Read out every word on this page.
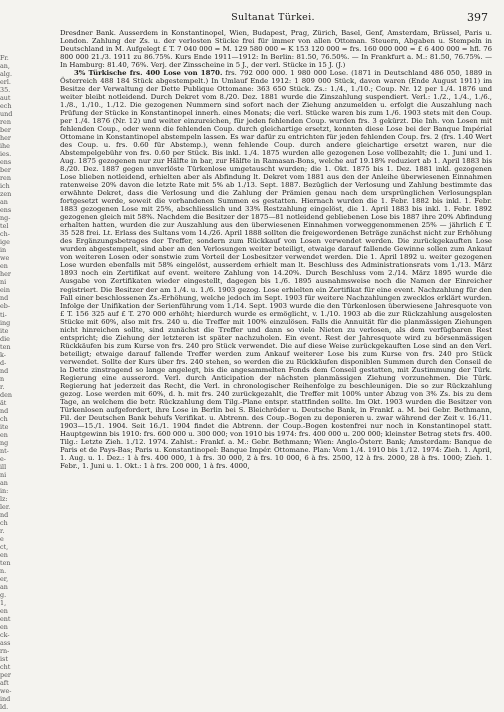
Fr.
an,
alg.
erl.
35.
aut
ech
und
ren
ber
her
ihe
ies.
ens
ber
ren
ich
zen
an
ens
ng-
tel
ch-
ige
in
we
en
her
ni
ein
nd
eb-
ti-
ing
ite
die
ten
k-
d-
nd
n
r.
den
ät
nd
ch
ite
en
ng
nt-
e-
ill
ni
an
in:
lz:
ler.
nd
ch
r.
e
ct,
en
ten
n.
er,
an
g.
1,
en
ent
en
ck-
ass
rn-
ist
cht
per
aft
we-
ind
ld.
Sultanat Türkei.	397

Dresdner Bank. Ausserdem in Konstantinopel, Wien, Budapest, Prag, Zürich, Basel, Genf, Amsterdam, Brüssel, Paris u. London. Zahlung der Zs. u. der verlosten Stücke frei für immer von allen Ottoman. Steuern, Abgaben u. Stempeln in Deutschland in M. Aufgelegt £ T. 7 040 000 = M. 129 580 000 = K 153 120 000 = frs. 160 000 000 = £ 6 400 000 = hfl. 76 800 000 21./3. 1911 zu 86.75%. Kurs Ende 1911—1912: In Berlin: 81.50, 76.50%. — In Frankfurt a. M.: 81.50, 76.75%. — In Hamburg: 81.40, 76%. Verj. der Zinsscheine in 5 J., der verl. Stücke in 15 J. (J.)

3% Türkische frs. 400 Lose von 1870. frs. 792 000 000. 1 980 000 Lose. (1871 in Deutschland 486 050, 1889 in Österreich 488 184 Stück abgestempelt.) In Umlauf Ende 1912: 1 809 000 Stück, davon waren (Ende August 1911) im Besitze der Verwaltung der Dette Publique Ottomane: 363 650 Stück. Zs.: 1./4., 1./10.; Coup. Nr. 12 per 1./4. 1876 und weiter bleibt notleidend. Durch Dekret vom 8./20. Dez. 1881 wurde die Zinszahlung suspendiert. Verl.: 1./2., 1./4., 1./6., 1./8., 1./10., 1./12. Die gezogenen Nummern sind sofort nach der Ziehung anzumelden u. erfolgt die Auszahlung nach Prüfung der Stücke in Konstantinopel innerh. eines Monats; die verl. Stücke waren bis zum 1./6. 1903 stets mit den Coup. per 1./4. 1876 (Nr. 12) und weiter einzureichen, für jeden fehlenden Coup. wurden frs. 3 gekürzt. Die Inh. von Losen mit fehlenden Coup., oder wenn die fehlenden Coup. durch gleichartige ersetzt, konnten diese Lose bei der Banque Impérial Ottomane in Konstantinopel abstempeln lassen. Es war dafür zu entrichten für jeden fehlenden Coup. frs. 2 (frs. 1.40 Wert des Coup. u. frs. 0.60 für Abstemp.), wenn fehlende Coup. durch andere gleichartige ersetzt waren, nur die Abstempelgebühr von frs. 0.60 per Stück. Bis inkl. 1./4. 1875 wurden alle gezogenen Lose vollbezahlt; die 1. Juni und 1. Aug. 1875 gezogenen nur zur Hälfte in bar, zur Hälfte in Ramasan-Bons, welche auf 19.18% reduziert ab 1. April 1883 bis 8./20. Dez. 1887 gegen unverlöste Türkenlose umgetauscht wurden; die 1. Okt. 1875 bis 1. Dez. 1881 inkl. gezogenen Lose blieben notleidend, erhielten aber als Abfindung lt. Dekret vom 1881 aus den der Anleihe überwiesenen Einnahmen ratenweise 20% davon die letzte Rate mit 5% ab 1./13. Sept. 1887. Bezüglich der Verlosung und Zahlung bestimmte das erwähnte Dekret, dass die Verlosung und die Zahlung der Prämien genau nach dem ursprünglichen Verlosungsplan fortgesetzt werde, soweit die vorhandenen Summen es gestatten. Hiernach wurden die 1. Febr. 1882 bis inkl. 1. Febr. 1883 gezogenen Lose mit 25%, abschliesslich und 33% Restzahlung eingelöst, die 1. April 1883 bis inkl. 1. Febr. 1892 gezogenen gleich mit 58%. Nachdem die Besitzer der 1875—81 notleidend gebliebenen Lose bis 1887 ihre 20% Abfindung erhalten hatten, wurden die zur Auszahlung aus den überwiesenen Einnahmen vorweggenommenen 25% — jährlich £ T. 35 528 frei. Lt. Erlass des Sultans vom 14./26. April 1888 sollten die freigewordenen Beträge zunächst nicht zur Erhöhung des Ergänzungsbetrages der Treffer, sondern zum Rückkauf von Losen verwendet werden. Die zurückgekauften Lose wurden abgestempelt, sind aber an den Verlosungen weiter beteiligt, etwaige darauf fallende Gewinne sollen zum Ankauf von weiteren Losen oder sonstwie zum Vorteil der Losbesitzer verwendet werden. Die 1. April 1892 u. weiter gezogenen Lose wurden ebenfalls mit 58% eingelöst, ausserdem erhielt man lt. Beschluss des Administrationsrats vom 1./13. März 1893 noch ein Zertifikat auf event. weitere Zahlung von 14.20%. Durch Beschluss vom 2./14. März 1895 wurde die Ausgabe von Zertifikaten wieder eingestellt, dagegen bis 1./6. 1895 ausnahmsweise noch die Namen der Einreicher registriert. Die Besitzer der am 1./4. u. 1./6. 1903 gezog. Lose erhielten ein Zertifikat für eine event. Nachzahlung für den Fall einer beschlossenen Zs.-Erhöhung, welche jedoch im Sept. 1903 für weitere Nachzahlungen zwecklos erklärt wurden. Infolge der Unifikation der Serienführung vom 1./14. Sept. 1903 wurde die den Türkenlosen überwiesene Jahresquote von £ T. 156 325 auf £ T. 270 000 erhöht; hierdurch wurde es ermöglicht, v. 1./10. 1903 ab die zur Rückzahlung ausgelosten Stücke mit 60%, also mit frs. 240 u. die Treffer mit 100% einzulösen. Falls die Annuität für die planmässigen Ziehungen nicht hinreichen sollte, sind zunächst die Treffer und dann so viele Nieten zu verlosen, als dem verfügbaren Rest entspricht; die Ziehung der letzteren ist später nachzuholen. Ein event. Rest der Jahresquote wird zu börsenmässigen Rückkäufen bis zum Kurse von frs. 240 pro Stück verwendet. Die auf diese Weise zurückgekauften Lose sind an den Verl. beteiligt; etwaige darauf fallende Treffer werden zum Ankauf weiterer Lose bis zum Kurse von frs. 240 pro Stück verwendet. Sollte der Kurs über frs. 240 stehen, so werden die zu Rückkäufen disponiblen Summen durch den Conseil de la Dette zinstragend so lange angelegt, bis die angesammelten Fonds dem Conseil gestatten, mit Zustimmung der Türk. Regierung eine ausserord. Verl. durch Anticipation der nächsten planmässigen Ziehung vorzunehmen. Die Türk. Regierung hat jederzeit das Recht, die Verl. in chronologischer Reihenfolge zu beschleunigen. Die so zur Rückzahlung gezog. Lose werden mit 60%, d. h. mit frs. 240 zurückgezahlt, die Treffer mit 100% unter Abzug von 3% Zs. bis zu dem Tage, an welchem die betr. Rückzahlung dem Tilg.-Plane entspr. stattfinden sollte. Im Okt. 1903 wurden die Besitzer von Türkenlosen aufgefordert, ihre Lose in Berlin bei S. Bleichröder u. Deutsche Bank, in Frankf. a. M. bei Gebr. Bethmann, Fil. der Deutschen Bank behufs Verifikat. u. Abtrenn. des Coup.-Bogen zu deponieren u. zwar während der Zeit v. 16./11. 1903—15./1. 1904. Seit 16./1. 1904 findet die Abtrenn. der Coup.-Bogen kostenfrei nur noch in Konstantinopel statt. Hauptgewinn bis 1910: frs. 600 000 u. 300 000; von 1910 bis 1974: frs. 400 000 u. 200 000; kleinster Betrag stets frs. 400. Tilg.: Letzte Zieh. 1./12. 1974. Zahlst.: Frankf. a. M.: Gebr. Bethmann; Wien: Anglo-Österr. Bank; Amsterdam: Banque de Paris et de Pays-Bas; Paris u. Konstantinopel: Banque Impér. Ottomane. Plan: Vom 1./4. 1910 bis 1./12. 1974: Zieh. 1. April, 1. Aug. u. 1. Dez.: 1 à frs. 400 000, 1 à frs. 30 000, 2 à frs. 10 000, 6 à frs. 2500, 12 à frs. 2000, 28 à frs. 1000; Zieh. 1. Febr., 1. Juni u. 1. Okt.: 1 à frs. 200 000, 1 à frs. 4000,
